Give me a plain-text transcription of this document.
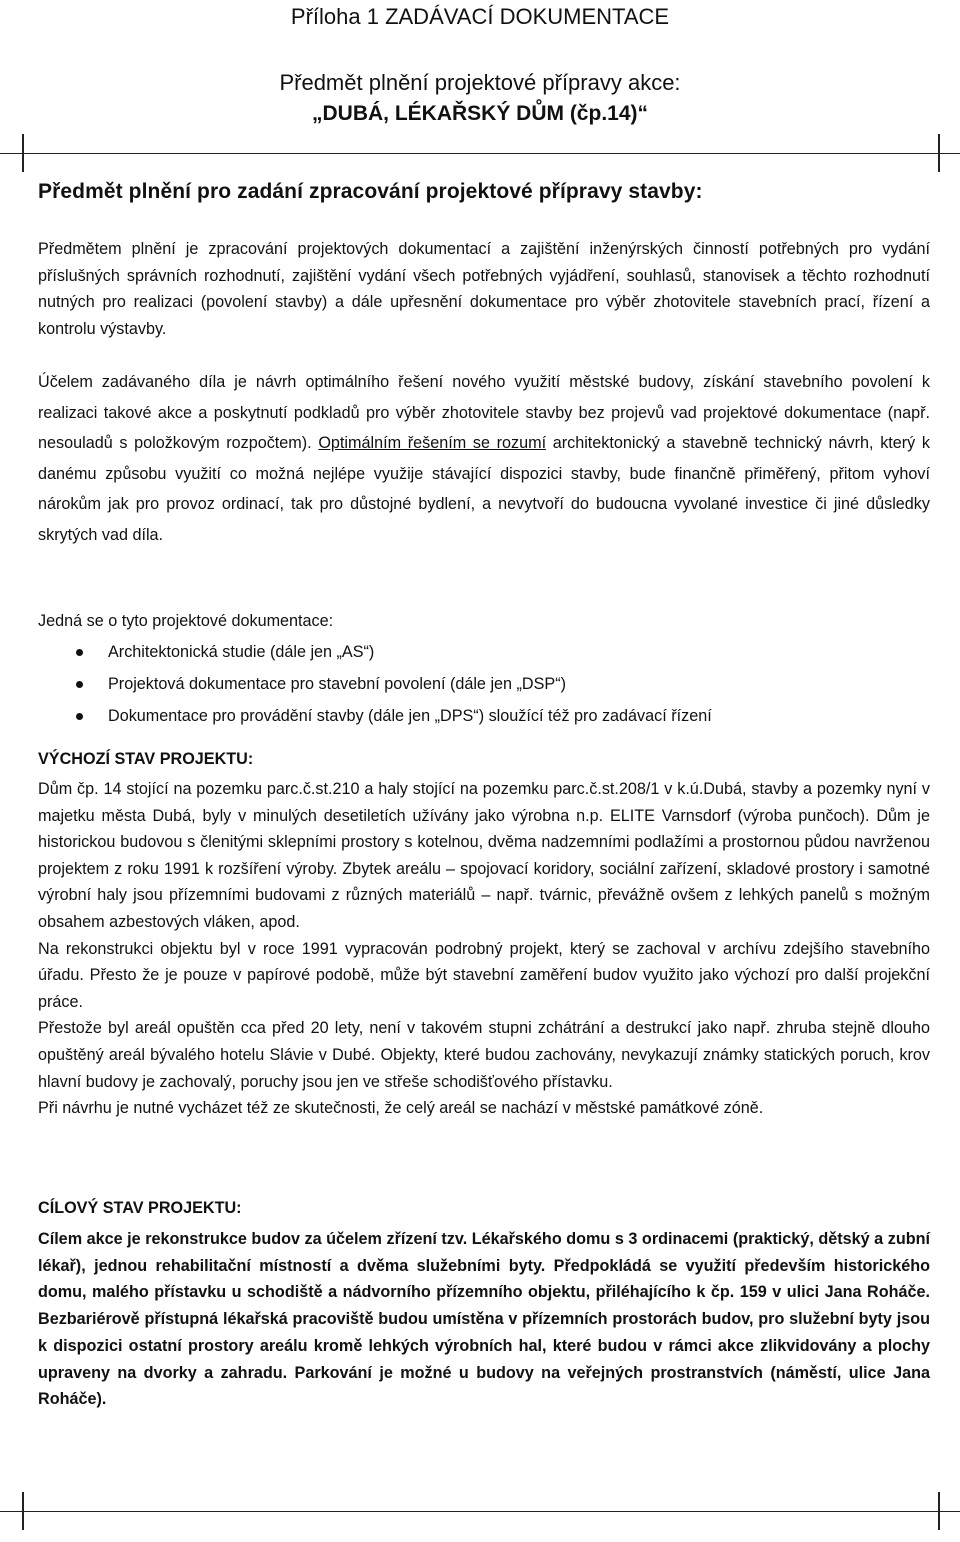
Příloha 1 ZADÁVACÍ DOKUMENTACE
Předmět plnění projektové přípravy akce:
„DUBÁ, LÉKAŘSKÝ DŮM (čp.14)“
Předmět plnění pro zadání zpracování projektové přípravy stavby:
Předmětem plnění je zpracování projektových dokumentací a zajištění inženýrských činností potřebných pro vydání příslušných správních rozhodnutí, zajištění vydání všech potřebných vyjádření, souhlasů, stanovisek a těchto rozhodnutí nutných pro realizaci (povolení stavby) a dále upřesnění dokumentace pro výběr zhotovitele stavebních prací, řízení a kontrolu výstavby.
Účelem zadávaného díla je návrh optimálního řešení nového využití městské budovy, získání stavebního povolení k realizaci takové akce a poskytnutí podkladů pro výběr zhotovitele stavby bez projevů vad projektové dokumentace (např. nesouladů s položkovým rozpočtem). Optimálním řešením se rozumí architektonický a stavebně technický návrh, který k danému způsobu využití co možná nejlépe využije stávající dispozici stavby, bude finančně přiměřený, přitom vyhoví nárokům jak pro provoz ordinací, tak pro důstojné bydlení, a nevytvoří do budoucna vyvolané investice či jiné důsledky skrytých vad díla.
Jedná se o tyto projektové dokumentace:
Architektonická studie (dále jen „AS“)
Projektová dokumentace pro stavební povolení (dále jen „DSP“)
Dokumentace pro provádění stavby (dále jen „DPS“) sloužící též pro zadávací řízení
VÝCHOZÍ STAV PROJEKTU:
Dům čp. 14 stojící na pozemku parc.č.st.210 a haly stojící na pozemku parc.č.st.208/1 v k.ú.Dubá, stavby a pozemky nyní v majetku města Dubá, byly v minulých desetiletích užívány jako výrobna n.p. ELITE Varnsdorf (výroba punčoch). Dům je historickou budovou s členitými sklepními prostory s kotelnou, dvěma nadzemními podlažími a prostornou půdou navrženou projektem z roku 1991 k rozšíření výroby. Zbytek areálu – spojovací koridory, sociální zařízení, skladové prostory i samotné výrobní haly jsou přízemními budovami z různých materiálů – např. tvárnic, převážně ovšem z lehkých panelů s možným obsahem azbestových vláken, apod.
Na rekonstrukci objektu byl v roce 1991 vypracován podrobný projekt, který se zachoval v archívu zdejšího stavebního úřadu. Přesto že je pouze v papírové podobě, může být stavební zaměření budov využito jako výchozí pro další projekční práce.
Přestože byl areál opuštěn cca před 20 lety, není v takovém stupni zchátrání a destrukcí jako např. zhruba stejně dlouho opuštěný areál bývalého hotelu Slávie v Dubé. Objekty, které budou zachovány, nevykazují známky statických poruch, krov hlavní budovy je zachovalý, poruchy jsou jen ve střeše schodišťového přístavku.
Při návrhu je nutné vycházet též ze skutečnosti, že celý areál se nachází v městské památkové zóně.
CÍLOVÝ STAV PROJEKTU:
Cílem akce je rekonstrukce budov za účelem zřízení tzv. Lékařského domu s 3 ordinacemi (praktický, dětský a zubní lékař), jednou rehabilitační místností a dvěma služebními byty. Předpokládá se využití především historického domu, malého přístavku u schodiště a nádvorního přízemního objektu, přiléhajícího k čp. 159 v ulici Jana Roháče. Bezbariérově přístupná lékařská pracoviště budou umístěna v přízemních prostorách budov, pro služební byty jsou k dispozici ostatní prostory areálu kromě lehkých výrobních hal, které budou v rámci akce zlikvidovány a plochy upraveny na dvorky a zahradu. Parkování je možné u budovy na veřejných prostranstvích (náměstí, ulice Jana Roháče).
